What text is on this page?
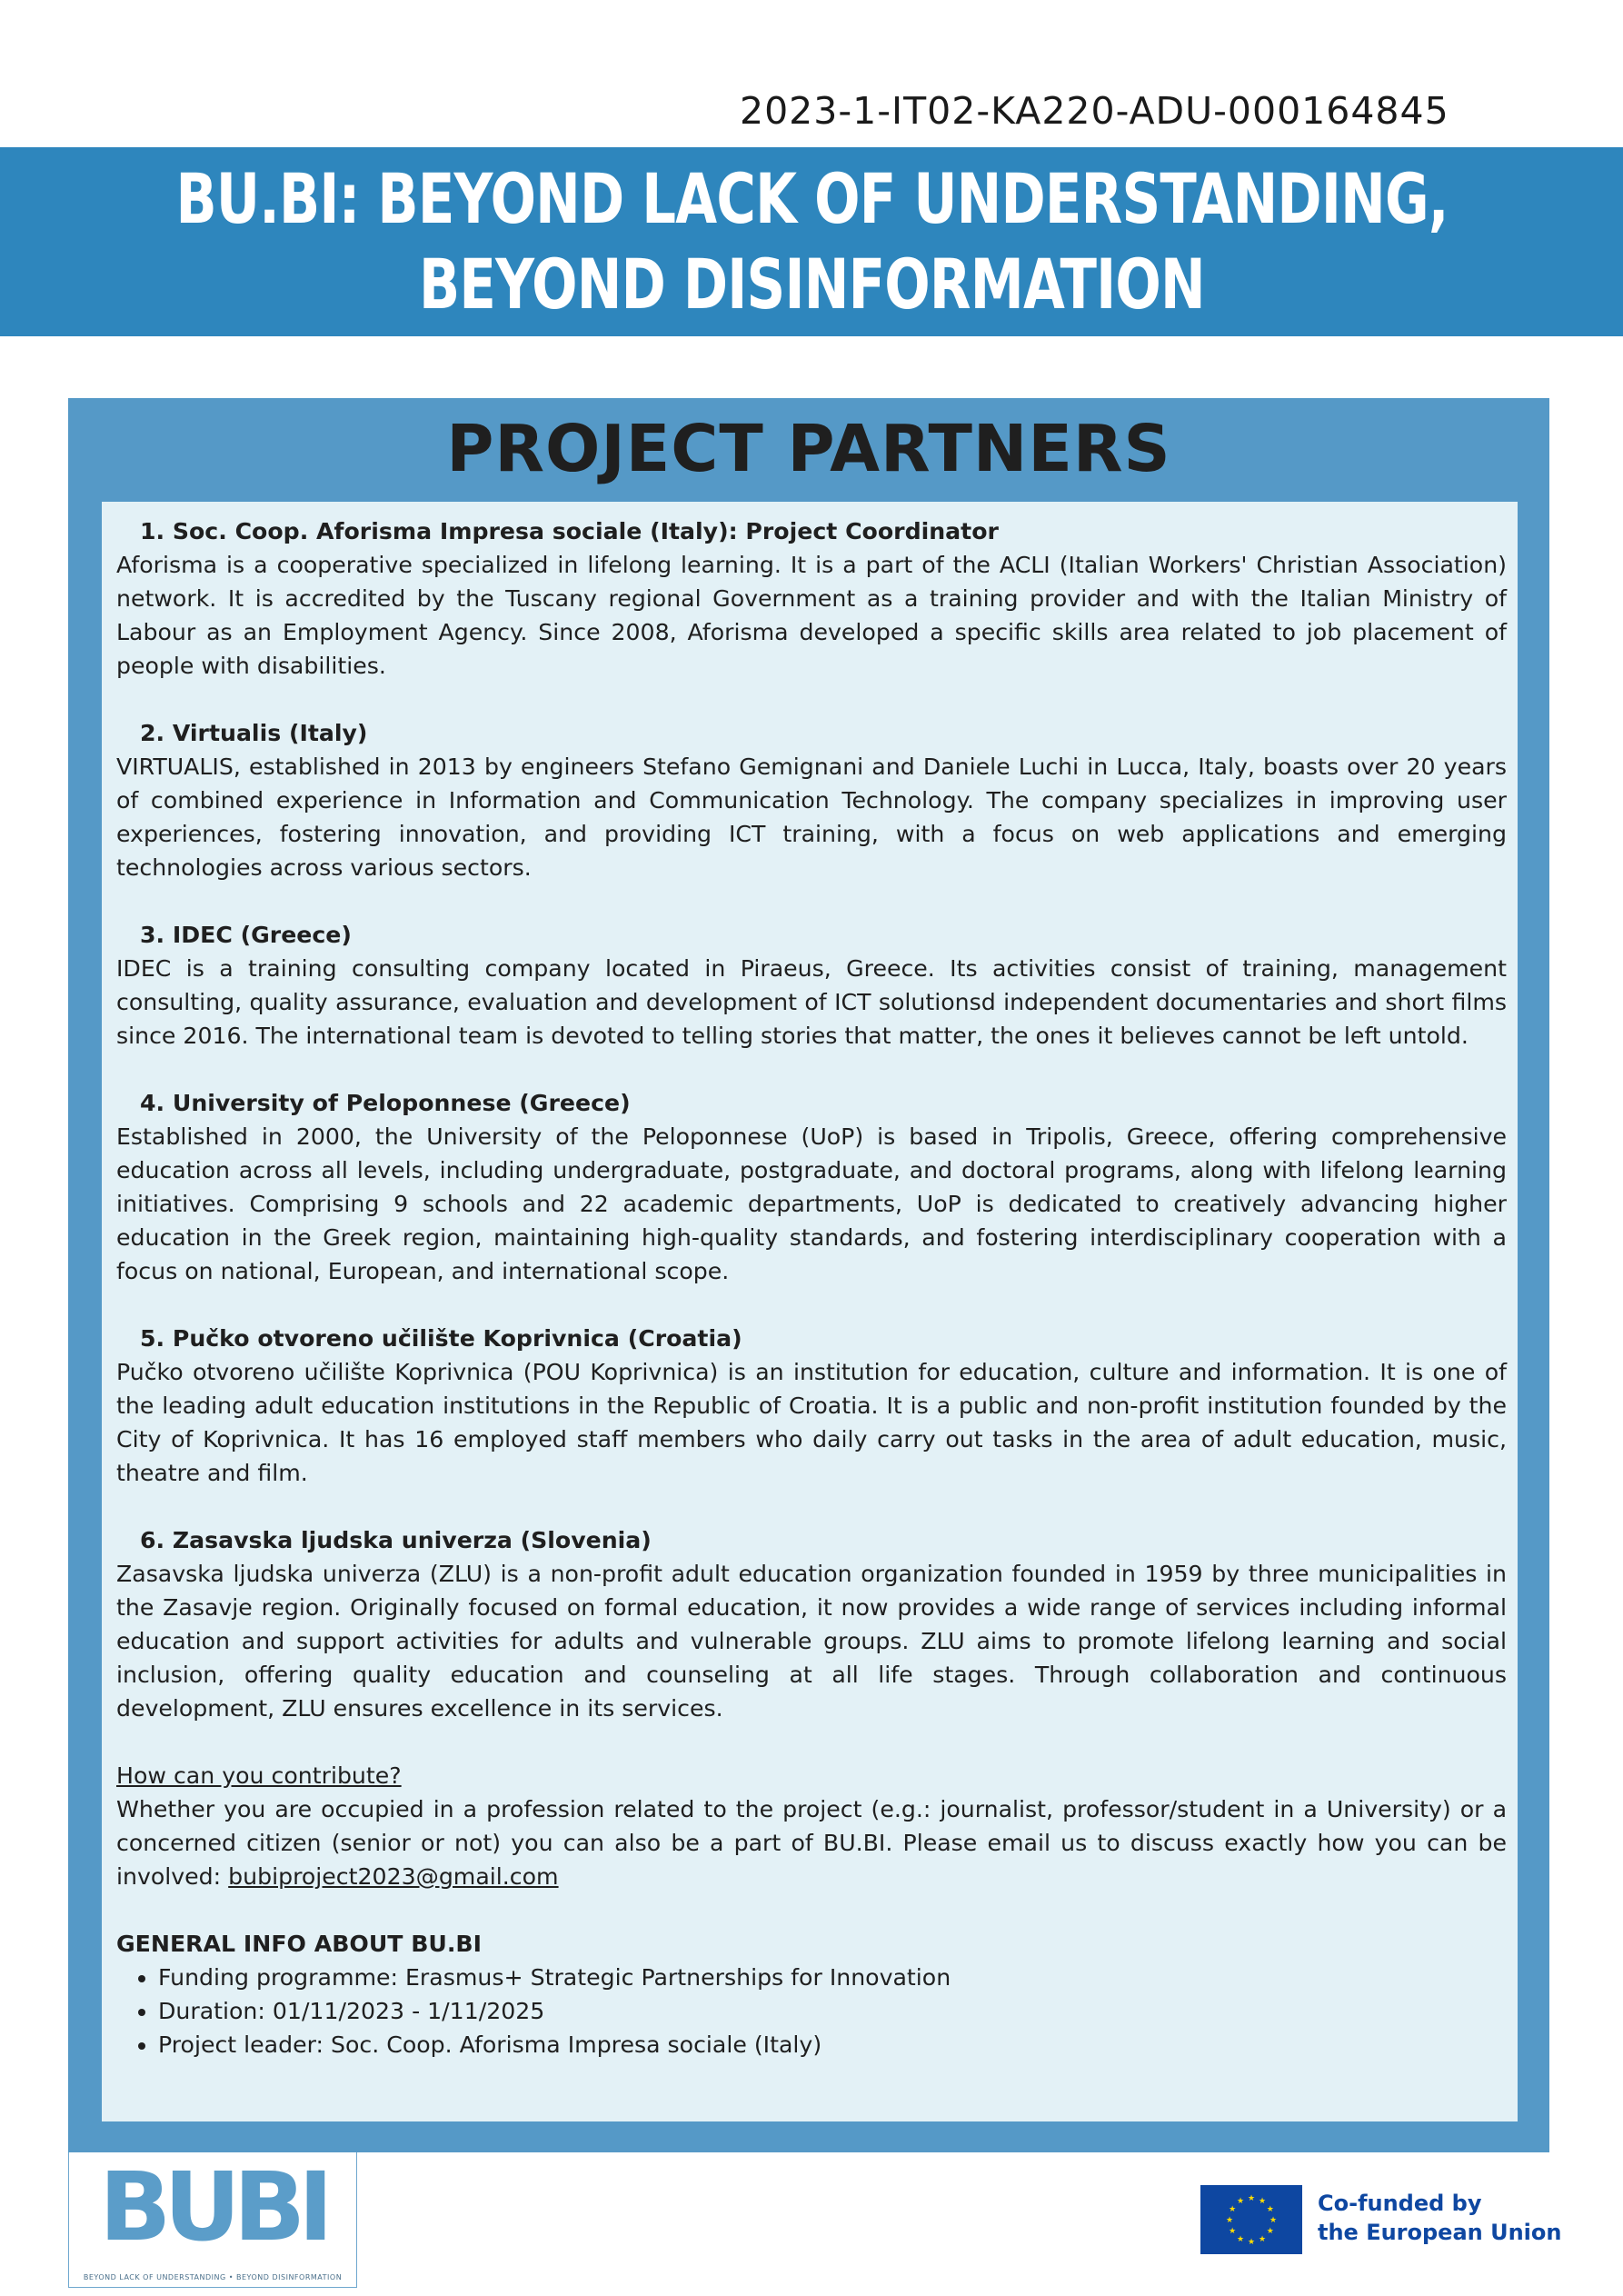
2023-1-IT02-KA220-ADU-000164845
BU.BI: BEYOND LACK OF UNDERSTANDING,
BEYOND DISINFORMATION
PROJECT PARTNERS

1. Soc. Coop. Aforisma Impresa sociale (Italy): Project Coordinator

Aforisma is a cooperative specialized in lifelong learning. It is a part of the ACLI (Italian Workers' Christian Association) network. It is accredited by the Tuscany regional Government as a training provider and with the Italian Ministry of Labour as an Employment Agency. Since 2008, Aforisma developed a specific skills area related to job placement of people with disabilities.

2. Virtualis (Italy)

VIRTUALIS, established in 2013 by engineers Stefano Gemignani and Daniele Luchi in Lucca, Italy, boasts over 20 years of combined experience in Information and Communication Technology. The company specializes in improving user experiences, fostering innovation, and providing ICT training, with a focus on web applications and emerging technologies across various sectors.

3. IDEC (Greece)

IDEC is a training consulting company located in Piraeus, Greece. Its activities consist of training, management consulting, quality assurance, evaluation and development of ICT solutionsd independent documentaries and short films since 2016. The international team is devoted to telling stories that matter, the ones it believes cannot be left untold.

4. University of Peloponnese (Greece)

Established in 2000, the University of the Peloponnese (UoP) is based in Tripolis, Greece, offering comprehensive education across all levels, including undergraduate, postgraduate, and doctoral programs, along with lifelong learning initiatives. Comprising 9 schools and 22 academic departments, UoP is dedicated to creatively advancing higher education in the Greek region, maintaining high-quality standards, and fostering interdisciplinary cooperation with a focus on national, European, and international scope.

5. Pučko otvoreno učilište Koprivnica (Croatia)

Pučko otvoreno učilište Koprivnica (POU Koprivnica) is an institution for education, culture and information. It is one of the leading adult education institutions in the Republic of Croatia. It is a public and non-profit institution founded by the City of Koprivnica. It has 16 employed staff members who daily carry out tasks in the area of adult education, music, theatre and film.

6. Zasavska ljudska univerza (Slovenia)

Zasavska ljudska univerza (ZLU) is a non-profit adult education organization founded in 1959 by three municipalities in the Zasavje region. Originally focused on formal education, it now provides a wide range of services including informal education and support activities for adults and vulnerable groups. ZLU aims to promote lifelong learning and social inclusion, offering quality education and counseling at all life stages. Through collaboration and continuous development, ZLU ensures excellence in its services.

How can you contribute?

Whether you are occupied in a profession related to the project (e.g.: journalist, professor/student in a University) or a concerned citizen (senior or not) you can also be a part of BU.BI. Please email us to discuss exactly how you can be involved: bubiproject2023@gmail.com

GENERAL INFO ABOUT BU.BI

• Funding programme: Erasmus+ Strategic Partnerships for Innovation
• Duration: 01/11/2023 - 1/11/2025
• Project leader: Soc. Coop. Aforisma Impresa sociale (Italy)
BUBI
BEYOND LACK OF UNDERSTANDING • BEYOND DISINFORMATION
★ ★
★
★
★
★
★
★
★
★
★
★	Co-funded by
the European Union
